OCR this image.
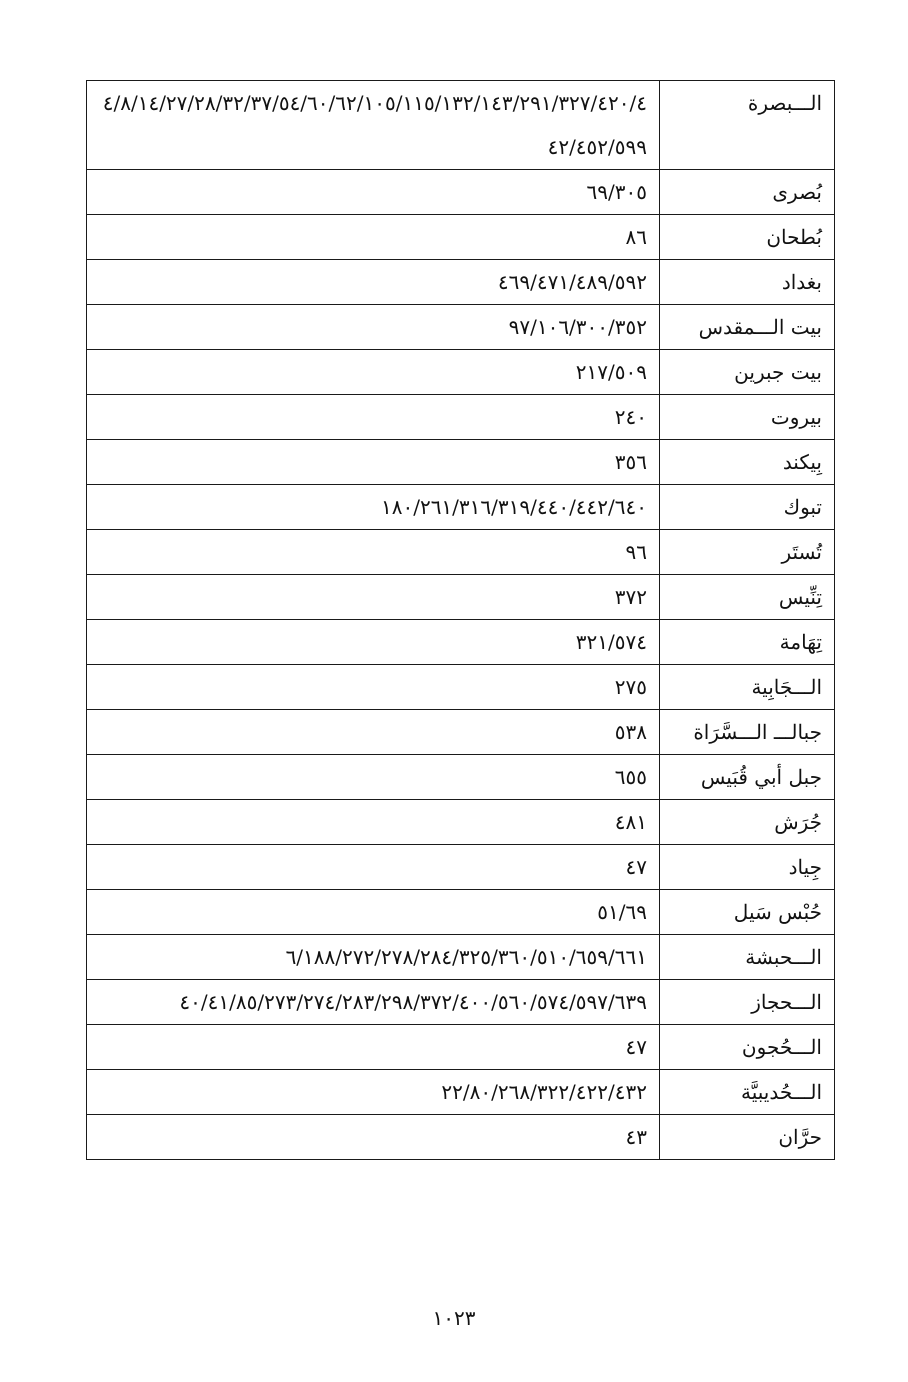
الـــبصرة	٤/٨/١٤/٢٧/٢٨/٣٢/٣٧/٥٤/٦٠/٦٢/١٠٥/١١٥/١٣٢/١٤٣/٢٩١/٣٢٧/٤٢٠/٤٤٢/٤٥٢/٥٩٩
بُصرى	٦٩/٣٠٥
بُطحان	٨٦
بغداد	٤٦٩/٤٧١/٤٨٩/٥٩٢
بيت الـــمقدس	٩٧/١٠٦/٣٠٠/٣٥٢
بيت جبرين	٢١٧/٥٠٩
بيروت	٢٤٠
بِيكند	٣٥٦
تبوك	١٨٠/٢٦١/٣١٦/٣١٩/٤٤٠/٤٤٢/٦٤٠
تُستَر	٩٦
تِنِّيس	٣٧٢
تِهَامة	٣٢١/٥٧٤
الـــجَابِية	٢٧٥
جبالـــ الـــسَّرَاة	٥٣٨
جبل أبي قُبَيس	٦٥٥
جُرَش	٤٨١
جِياد	٤٧
حُبْس سَيل	٥١/٦٩
الـــحبشة	٦/١٨٨/٢٧٢/٢٧٨/٢٨٤/٣٢٥/٣٦٠/٥١٠/٦٥٩/٦٦١
الـــحجاز	٤٠/٤١/٨٥/٢٧٣/٢٧٤/٢٨٣/٢٩٨/٣٧٢/٤٠٠/٥٦٠/٥٧٤/٥٩٧/٦٣٩
الـــحُجون	٤٧
الـــحُديبيَّة	٢٢/٨٠/٢٦٨/٣٢٢/٤٢٢/٤٣٢
حرَّان	٤٣
١٠٢٣
